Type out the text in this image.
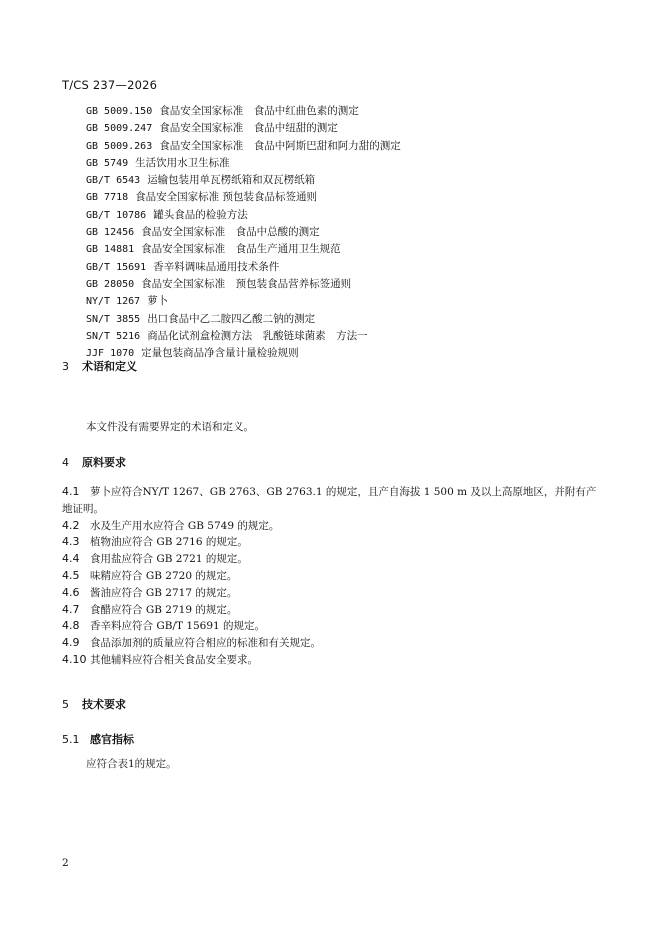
T/CS 237—2026
GB 5009.150 食品安全国家标准　食品中红曲色素的测定
GB 5009.247 食品安全国家标准　食品中纽甜的测定
GB 5009.263 食品安全国家标准　食品中阿斯巴甜和阿力甜的测定
GB 5749 生活饮用水卫生标准
GB/T 6543 运输包装用单瓦楞纸箱和双瓦楞纸箱
GB 7718 食品安全国家标准 预包装食品标签通则
GB/T 10786 罐头食品的检验方法
GB 12456 食品安全国家标准　食品中总酸的测定
GB 14881 食品安全国家标准　食品生产通用卫生规范
GB/T 15691 香辛料调味品通用技术条件
GB 28050 食品安全国家标准　预包装食品营养标签通则
NY/T 1267 萝卜
SN/T 3855 出口食品中乙二胺四乙酸二钠的测定
SN/T 5216 商品化试剂盒检测方法　乳酸链球菌素　方法一
JJF 1070 定量包装商品净含量计量检验规则
3 术语和定义
本文件没有需要界定的术语和定义。
4 原料要求
4.1 萝卜应符合NY/T 1267、GB 2763、GB 2763.1 的规定，且产自海拔 1 500 m 及以上高原地区，并附有产地证明。
4.2 水及生产用水应符合 GB 5749 的规定。
4.3 植物油应符合 GB 2716 的规定。
4.4 食用盐应符合 GB 2721 的规定。
4.5 味精应符合 GB 2720 的规定。
4.6 酱油应符合 GB 2717 的规定。
4.7 食醋应符合 GB 2719 的规定。
4.8 香辛料应符合 GB/T 15691 的规定。
4.9 食品添加剂的质量应符合相应的标准和有关规定。
4.10 其他辅料应符合相关食品安全要求。
5 技术要求
5.1 感官指标
应符合表1的规定。
2
